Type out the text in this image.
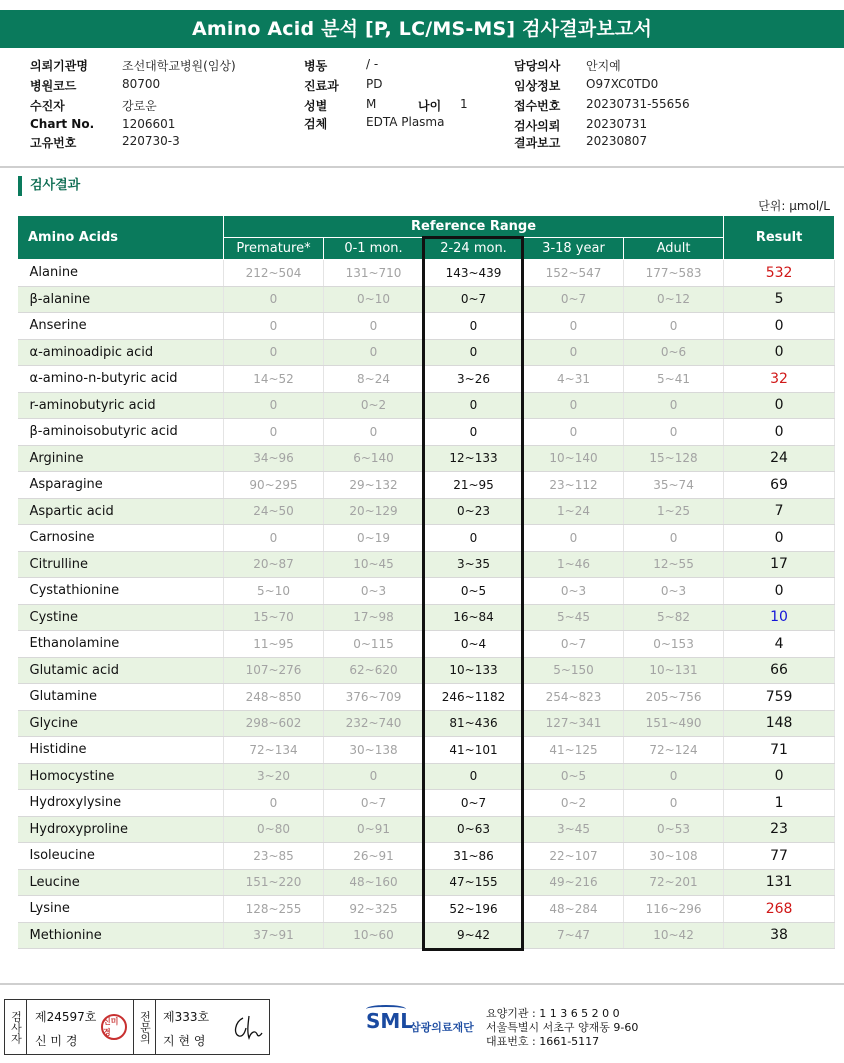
Amino Acid 분석 [P, LC/MS-MS] 검사결과보고서
의뢰기관명	조선대학교병원(임상)
병원코드	80700
수진자	강로운
Chart No. 1206601
고유번호	220730-3
병동	/ -
진료과 PD
성별	M	나이 1
검체	EDTA Plasma
담당의사 안지예
임상정보 O97XC0TD0
접수번호 20230731-55656
검사의뢰 20230731
결과보고 20230807
검사결과
단위: μmol/L
Amino Acids	Reference Range					Result
	Premature*	0-1 mon.	2-24 mon.	3-18 year	Adult	
Alanine	212~504	131~710	143~439	152~547	177~583	532
β-alanine	0	0~10	0~7	0~7	0~12	5
Anserine	0	0	0	0	0	0
α-aminoadipic acid	0	0	0	0	0~6	0
α-amino-n-butyric acid	14~52	8~24	3~26	4~31	5~41	32
r-aminobutyric acid	0	0~2	0	0	0	0
β-aminoisobutyric acid	0	0	0	0	0	0
Arginine	34~96	6~140	12~133	10~140	15~128	24
Asparagine	90~295	29~132	21~95	23~112	35~74	69
Aspartic acid	24~50	20~129	0~23	1~24	1~25	7
Carnosine	0	0~19	0	0	0	0
Citrulline	20~87	10~45	3~35	1~46	12~55	17
Cystathionine	5~10	0~3	0~5	0~3	0~3	0
Cystine	15~70	17~98	16~84	5~45	5~82	10
Ethanolamine	11~95	0~115	0~4	0~7	0~153	4
Glutamic acid	107~276	62~620	10~133	5~150	10~131	66
Glutamine	248~850	376~709	246~1182	254~823	205~756	759
Glycine	298~602	232~740	81~436	127~341	151~490	148
Histidine	72~134	30~138	41~101	41~125	72~124	71
Homocystine	3~20	0	0	0~5	0	0
Hydroxylysine	0	0~7	0~7	0~2	0	1
Hydroxyproline	0~80	0~91	0~63	3~45	0~53	23
Isoleucine	23~85	26~91	31~86	22~107	30~108	77
Leucine	151~220	48~160	47~155	49~216	72~201	131
Lysine	128~255	92~325	52~196	48~284	116~296	268
Methionine	37~91	10~60	9~42	7~47	10~42	38
검사자 제24597호
신 미 경
신미경	전문의 제333호
지 현 영
SML
삼광의료재단
요양기관 : 1 1 3 6 5 2 0 0
서울특별시 서초구 양재동 9-60
대표번호 : 1661-5117
